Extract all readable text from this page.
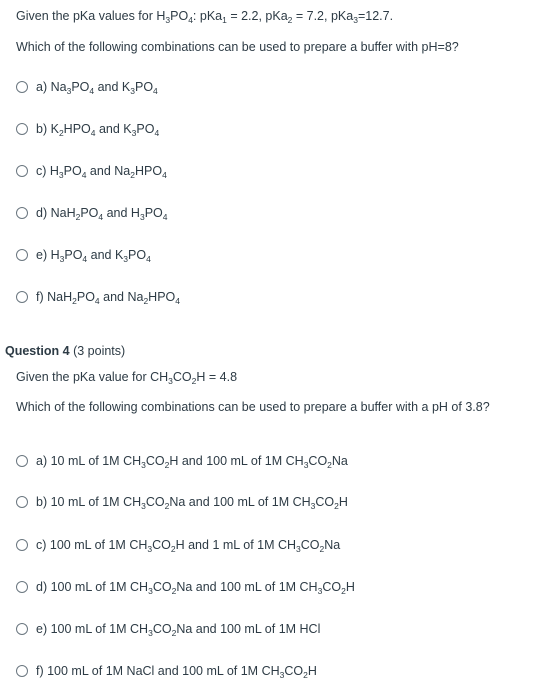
Given the pKa values for $H_3PO_4$: pKa$_1$ = 2.2, pKa$_2$ = 7.2, pKa$_3$=12.7.
Which of the following combinations can be used to prepare a buffer with pH=8?
a) $Na_3PO_4$ and $K_3PO_4$
b) $K_2HPO_4$ and $K_3PO_4$
c) $H_3PO_4$ and $Na_2HPO_4$
d) $NaH_2PO_4$ and $H_3PO_4$
e) $H_3PO_4$ and $K_3PO_4$
f) $NaH_2PO_4$ and $Na_2HPO_4$
Question 4 (3 points)
Given the pKa value for $CH_3CO_2H = 4.8$
Which of the following combinations can be used to prepare a buffer with a pH of 3.8?
a) 10 mL of 1M $CH_3CO_2H$ and 100 mL of 1M $CH_3CO_2Na$
b) 10 mL of 1M $CH_3CO_2Na$ and 100 mL of 1M $CH_3CO_2H$
c) 100 mL of 1M $CH_3CO_2H$ and 1 mL of 1M $CH_3CO_2Na$
d) 100 mL of 1M $CH_3CO_2Na$ and 100 mL of 1M $CH_3CO_2H$
e) 100 mL of 1M $CH_3CO_2Na$ and 100 mL of 1M HCl
f) 100 mL of 1M NaCl and 100 mL of 1M $CH_3CO_2H$
